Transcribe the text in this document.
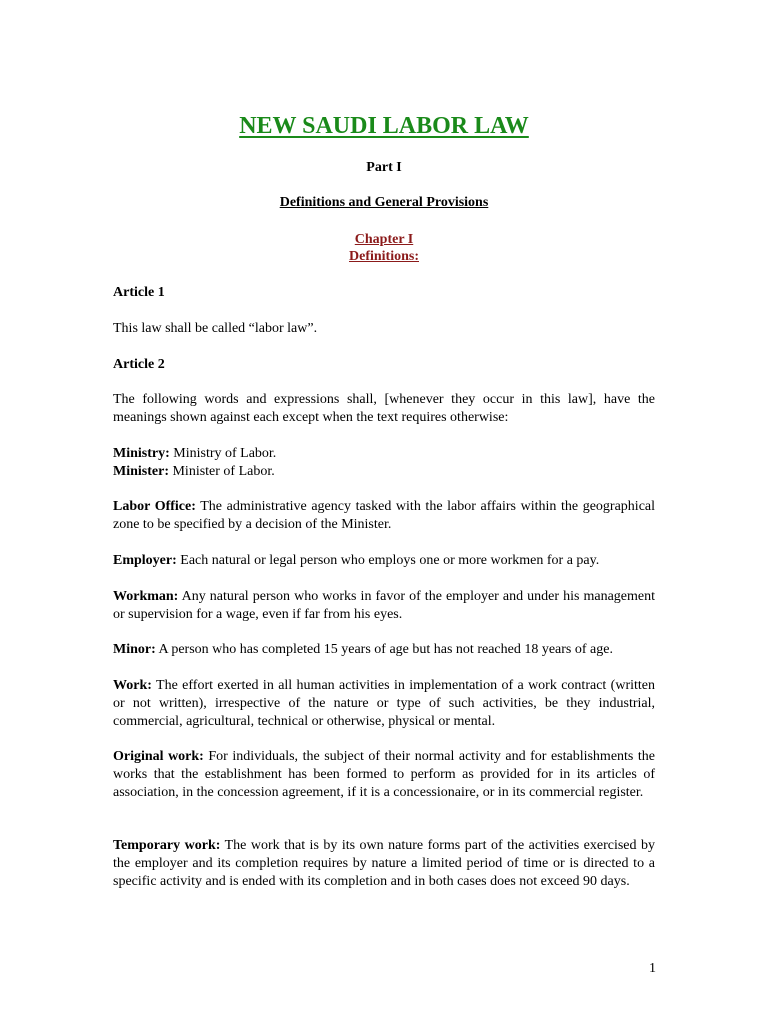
NEW SAUDI LABOR LAW
Part I
Definitions and General Provisions
Chapter I
Definitions:
Article 1
This law shall be called “labor law”.
Article 2
The following words and expressions shall, [whenever they occur in this law], have the meanings shown against each except when the text requires otherwise:
Ministry: Ministry of Labor.
Minister: Minister of Labor.
Labor Office: The administrative agency tasked with the labor affairs within the geographical zone to be specified by a decision of the Minister.
Employer: Each natural or legal person who employs one or more workmen for a pay.
Workman: Any natural person who works in favor of the employer and under his management or supervision for a wage, even if far from his eyes.
Minor: A person who has completed 15 years of age but has not reached 18 years of age.
Work: The effort exerted in all human activities in implementation of a work contract (written or not written), irrespective of the nature or type of such activities, be they industrial, commercial, agricultural, technical or otherwise, physical or mental.
Original work: For individuals, the subject of their normal activity and for establishments the works that the establishment has been formed to perform as provided for in its articles of association, in the concession agreement, if it is a concessionaire, or in its commercial register.
Temporary work: The work that is by its own nature forms part of the activities exercised by the employer and its completion requires by nature a limited period of time or is directed to a specific activity and is ended with its completion and in both cases does not exceed 90 days.
1
